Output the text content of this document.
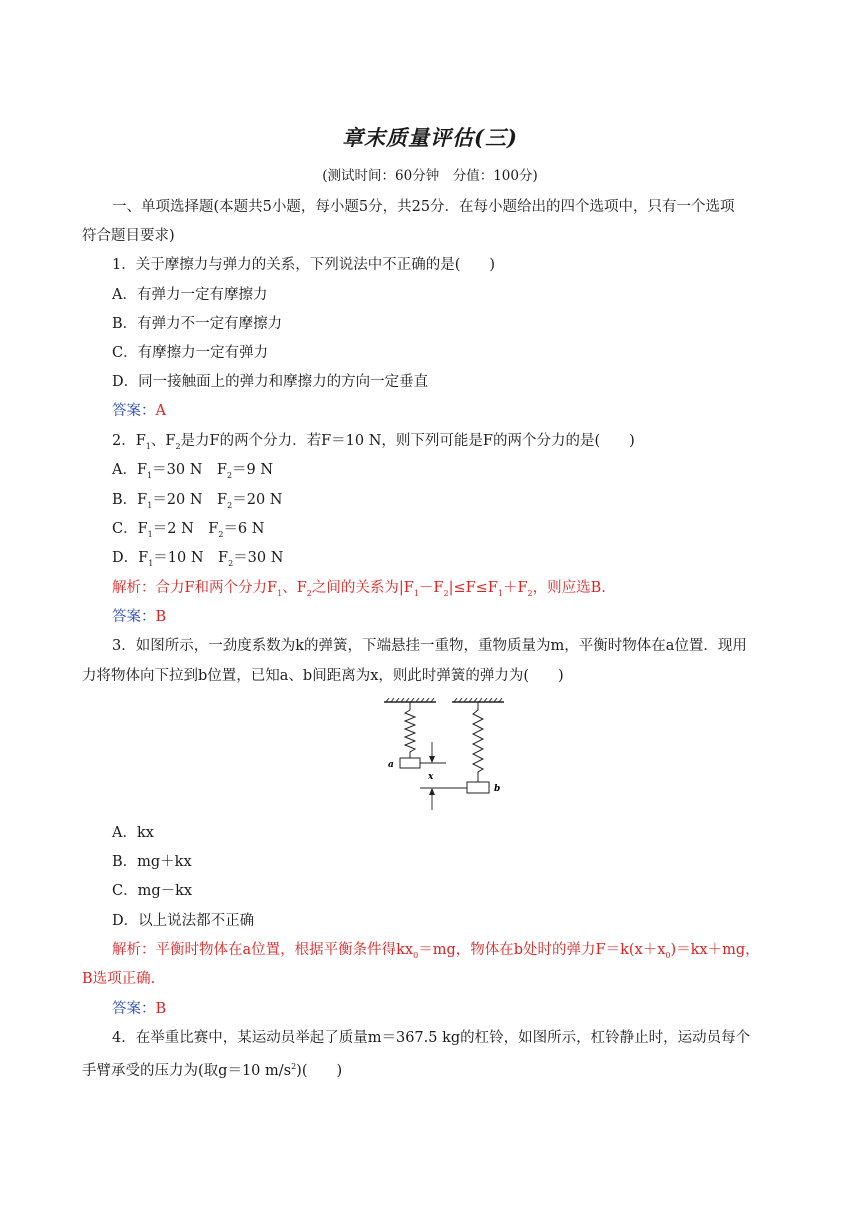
章末质量评估(三)
(测试时间：60分钟　分值：100分)
一、单项选择题(本题共5小题，每小题5分，共25分．在每小题给出的四个选项中，只有一个选项
符合题目要求)
1．关于摩擦力与弹力的关系，下列说法中不正确的是(　　)
A．有弹力一定有摩擦力
B．有弹力不一定有摩擦力
C．有摩擦力一定有弹力
D．同一接触面上的弹力和摩擦力的方向一定垂直
答案：A
2．$F_1$、$F_2$是力F的两个分力．若F＝10 N，则下列可能是F的两个分力的是(　　)
A．$F_1=30$ N　$F_2=9$ N
B．$F_1=20$ N　$F_2=20$ N
C．$F_1=2$ N　$F_2=6$ N
D．$F_1=10$ N　$F_2=30$ N
解析：合力F和两个分力$F_1$、$F_2$之间的关系为$|F_1-F_2|\le F\le F_1+F_2$，则应选B.
答案：B
3．如图所示，一劲度系数为k的弹簧，下端悬挂一重物，重物质量为m，平衡时物体在a位置．现用
力将物体向下拉到b位置，已知a、b间距离为x，则此时弹簧的弹力为(　　)
a
b
x
A．kx
B．mg＋kx
C．mg－kx
D．以上说法都不正确
解析：平衡时物体在a位置，根据平衡条件得$kx_0=mg$，物体在b处时的弹力$F=k(x+x_0)=kx+mg$，
B选项正确.
答案：B
4．在举重比赛中，某运动员举起了质量m＝367.5 kg的杠铃，如图所示，杠铃静止时，运动员每个
手臂承受的压力为(取g＝10 $m/s^2$)(　　)
